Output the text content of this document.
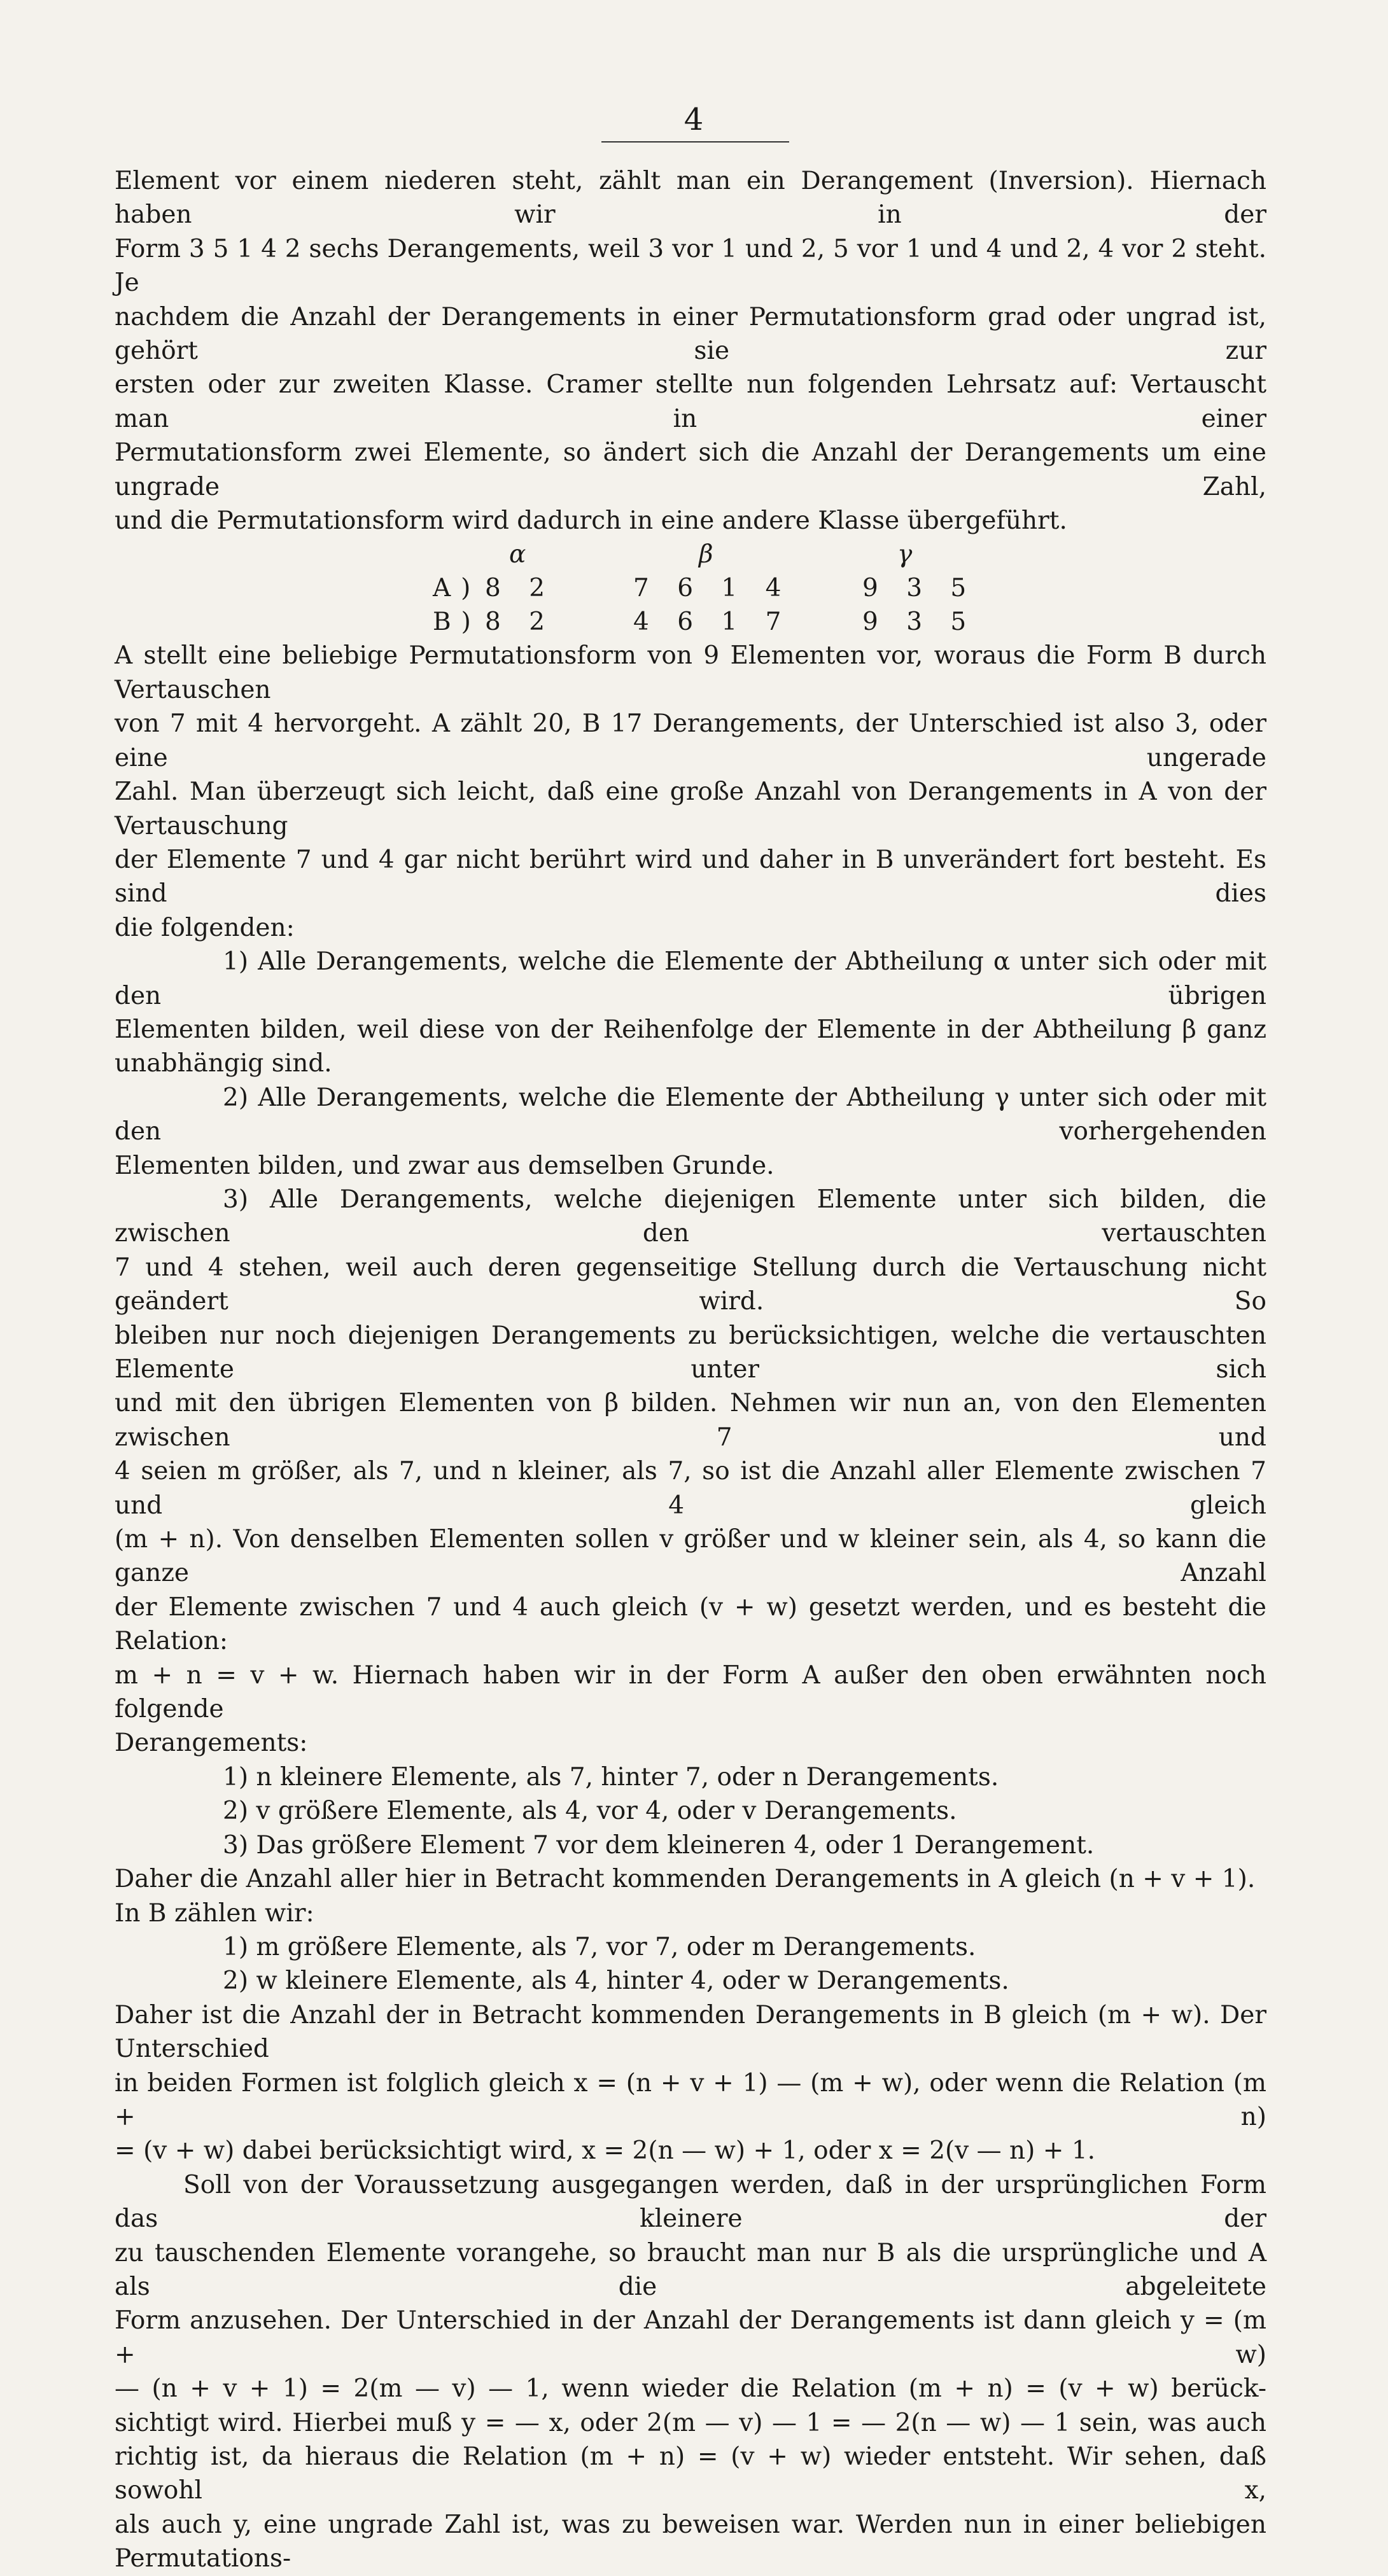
4

Element vor einem niederen steht, zählt man ein Derangement (Inversion). Hiernach haben wir in der

Form 3 5 1 4 2 sechs Derangements, weil 3 vor 1 und 2, 5 vor 1 und 4 und 2, 4 vor 2 steht. Je

nachdem die Anzahl der Derangements in einer Permutationsform grad oder ungrad ist, gehört sie zur

ersten oder zur zweiten Klasse. Cramer stellte nun folgenden Lehrsatz auf: Vertauscht man in einer

Permutationsform zwei Elemente, so ändert sich die Anzahl der Derangements um eine ungrade Zahl,

und die Permutationsform wird dadurch in eine andere Klasse übergeführt.

α	β	γ
A) 8 2	7 6 1 4	9 3 5
B) 8 2	4 6 1 7	9 3 5

A stellt eine beliebige Permutationsform von 9 Elementen vor, woraus die Form B durch Vertauschen

von 7 mit 4 hervorgeht. A zählt 20, B 17 Derangements, der Unterschied ist also 3, oder eine ungerade

Zahl. Man überzeugt sich leicht, daß eine große Anzahl von Derangements in A von der Vertauschung

der Elemente 7 und 4 gar nicht berührt wird und daher in B unverändert fort besteht. Es sind dies

die folgenden:

1) Alle Derangements, welche die Elemente der Abtheilung α unter sich oder mit den übrigen

Elementen bilden, weil diese von der Reihenfolge der Elemente in der Abtheilung β ganz unabhängig sind.

2) Alle Derangements, welche die Elemente der Abtheilung γ unter sich oder mit den vorhergehenden

Elementen bilden, und zwar aus demselben Grunde.

3) Alle Derangements, welche diejenigen Elemente unter sich bilden, die zwischen den vertauschten

7 und 4 stehen, weil auch deren gegenseitige Stellung durch die Vertauschung nicht geändert wird. So

bleiben nur noch diejenigen Derangements zu berücksichtigen, welche die vertauschten Elemente unter sich

und mit den übrigen Elementen von β bilden. Nehmen wir nun an, von den Elementen zwischen 7 und

4 seien m größer, als 7, und n kleiner, als 7, so ist die Anzahl aller Elemente zwischen 7 und 4 gleich

(m + n). Von denselben Elementen sollen v größer und w kleiner sein, als 4, so kann die ganze Anzahl

der Elemente zwischen 7 und 4 auch gleich (v + w) gesetzt werden, und es besteht die Relation:

m + n = v + w. Hiernach haben wir in der Form A außer den oben erwähnten noch folgende

Derangements:

1) n kleinere Elemente, als 7, hinter 7, oder n Derangements.

2) v größere Elemente, als 4, vor 4, oder v Derangements.

3) Das größere Element 7 vor dem kleineren 4, oder 1 Derangement.

Daher die Anzahl aller hier in Betracht kommenden Derangements in A gleich (n + v + 1).

In B zählen wir:

1) m größere Elemente, als 7, vor 7, oder m Derangements.

2) w kleinere Elemente, als 4, hinter 4, oder w Derangements.

Daher ist die Anzahl der in Betracht kommenden Derangements in B gleich (m + w). Der Unterschied

in beiden Formen ist folglich gleich x = (n + v + 1) — (m + w), oder wenn die Relation (m + n)

= (v + w) dabei berücksichtigt wird, x = 2(n — w) + 1, oder x = 2(v — n) + 1.

Soll von der Voraussetzung ausgegangen werden, daß in der ursprünglichen Form das kleinere der

zu tauschenden Elemente vorangehe, so braucht man nur B als die ursprüngliche und A als die abgeleitete

Form anzusehen. Der Unterschied in der Anzahl der Derangements ist dann gleich y = (m + w)

— (n + v + 1) = 2(m — v) — 1, wenn wieder die Relation (m + n) = (v + w) berück-

sichtigt wird. Hierbei muß y = — x, oder 2(m — v) — 1 = — 2(n — w) — 1 sein, was auch

richtig ist, da hieraus die Relation (m + n) = (v + w) wieder entsteht. Wir sehen, daß sowohl x,

als auch y, eine ungrade Zahl ist, was zu beweisen war. Werden nun in einer beliebigen Permutations-
